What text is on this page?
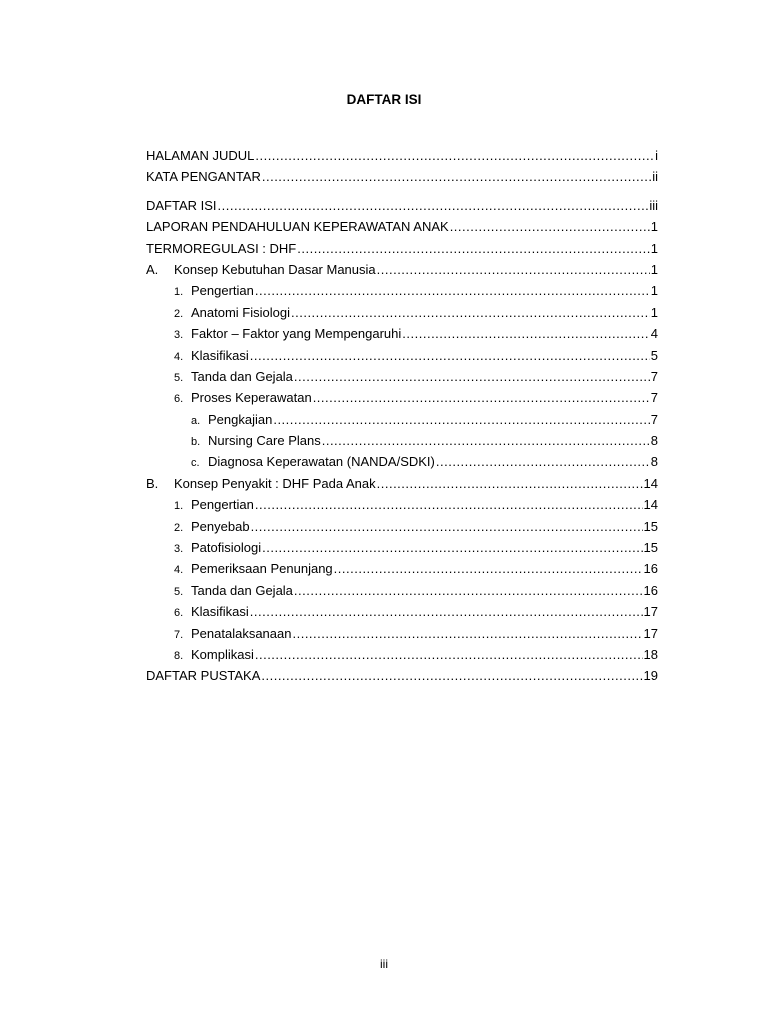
DAFTAR ISI
HALAMAN JUDUL .....	i
KATA PENGANTAR .....	ii
DAFTAR ISI .....	iii
LAPORAN PENDAHULUAN KEPERAWATAN ANAK .....	1
TERMOREGULASI : DHF .....	1
A.	Konsep Kebutuhan Dasar Manusia .....	1
1. Pengertian .....	1
2. Anatomi Fisiologi .....	1
3. Faktor – Faktor yang Mempengaruhi .....	4
4. Klasifikasi .....	5
5. Tanda dan Gejala .....	7
6. Proses Keperawatan .....	7
a. Pengkajian .....	7
b. Nursing Care Plans .....	8
c. Diagnosa Keperawatan (NANDA/SDKI) .....	8
B.	Konsep Penyakit : DHF Pada Anak .....	14
1. Pengertian .....	14
2. Penyebab .....	15
3. Patofisiologi .....	15
4. Pemeriksaan Penunjang .....	16
5. Tanda dan Gejala .....	16
6. Klasifikasi .....	17
7. Penatalaksanaan .....	17
8. Komplikasi .....	18
DAFTAR PUSTAKA .....	19
iii
